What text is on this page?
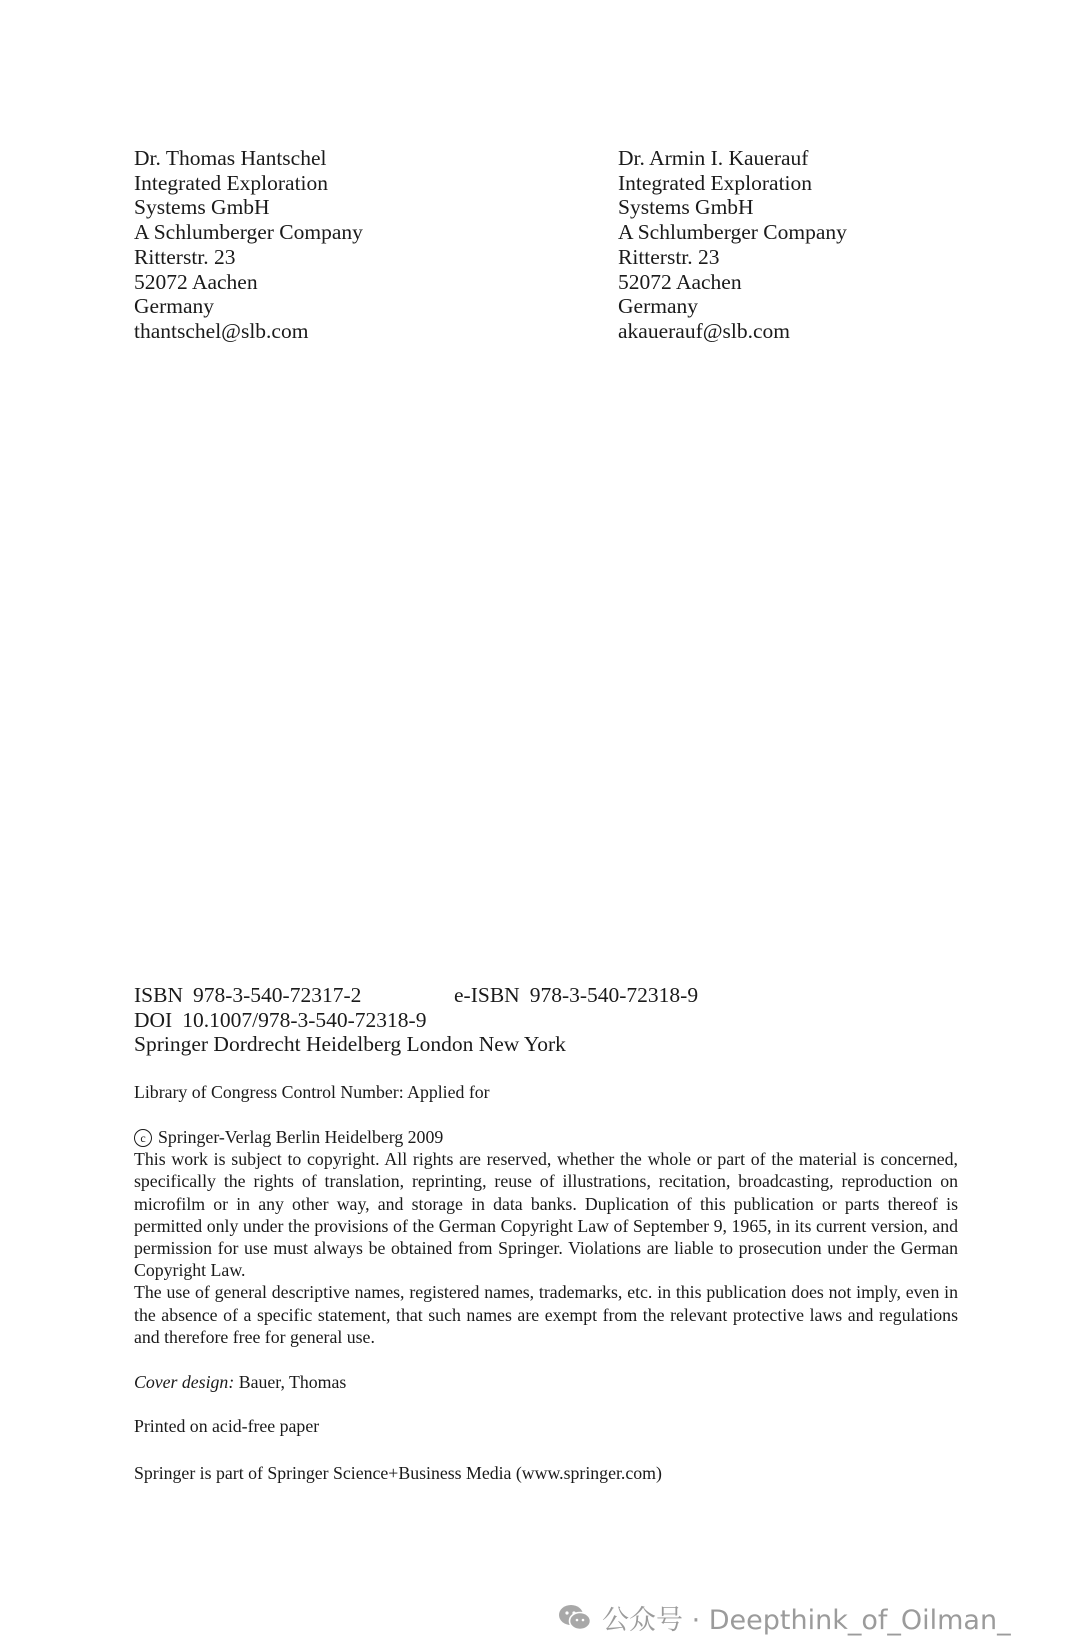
Dr. Thomas Hantschel
Integrated Exploration
Systems GmbH
A Schlumberger Company
Ritterstr. 23
52072 Aachen
Germany
thantschel@slb.com
Dr. Armin I. Kauerauf
Integrated Exploration
Systems GmbH
A Schlumberger Company
Ritterstr. 23
52072 Aachen
Germany
akauerauf@slb.com
ISBN 978-3-540-72317-2	e-ISBN 978-3-540-72318-9
DOI 10.1007/978-3-540-72318-9
Springer Dordrecht Heidelberg London New York
Library of Congress Control Number: Applied for
c Springer-Verlag Berlin Heidelberg 2009

This work is subject to copyright. All rights are reserved, whether the whole or part of the material is concerned, specifically the rights of translation, reprinting, reuse of illustrations, recitation, broadcasting, reproduction on microfilm or in any other way, and storage in data banks. Duplication of this publication or parts thereof is permitted only under the provisions of the German Copyright Law of September 9, 1965, in its current version, and permission for use must always be obtained from Springer. Violations are liable to prosecution under the German Copyright Law.

The use of general descriptive names, registered names, trademarks, etc. in this publication does not imply, even in the absence of a specific statement, that such names are exempt from the relevant protective laws and regulations and therefore free for general use.

Cover design: Bauer, Thomas
Printed on acid-free paper
Springer is part of Springer Science+Business Media (www.springer.com)
公众号 · Deepthink_of_Oilman_
